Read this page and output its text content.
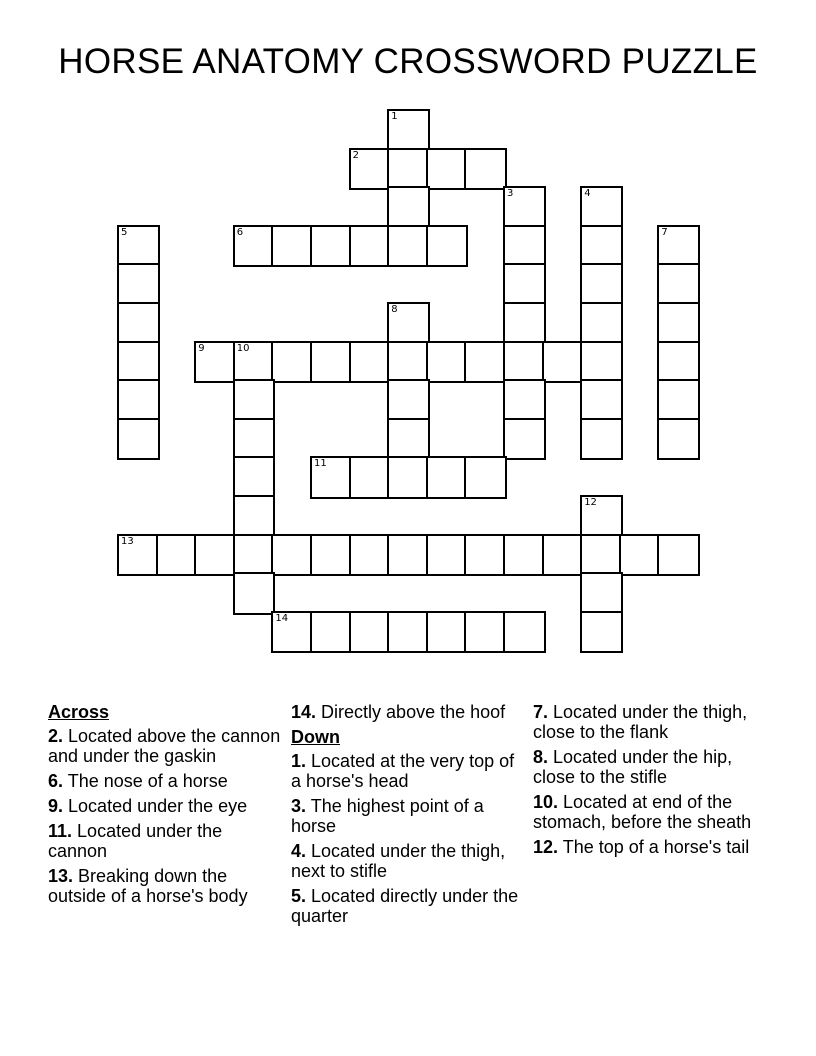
HORSE ANATOMY CROSSWORD PUZZLE
1
2
3	4
5	6	7
8
9	10
11
12
13
14
Across
2. Located above the cannon and under the gaskin
6. The nose of a horse
9. Located under the eye
11. Located under the cannon
13. Breaking down the outside of a horse's body
14. Directly above the hoof
Down
1. Located at the very top of a horse's head
3. The highest point of a horse
4. Located under the thigh, next to stifle
5. Located directly under the quarter
7. Located under the thigh, close to the flank
8. Located under the hip, close to the stifle
10. Located at end of the stomach, before the sheath
12. The top of a horse's tail
